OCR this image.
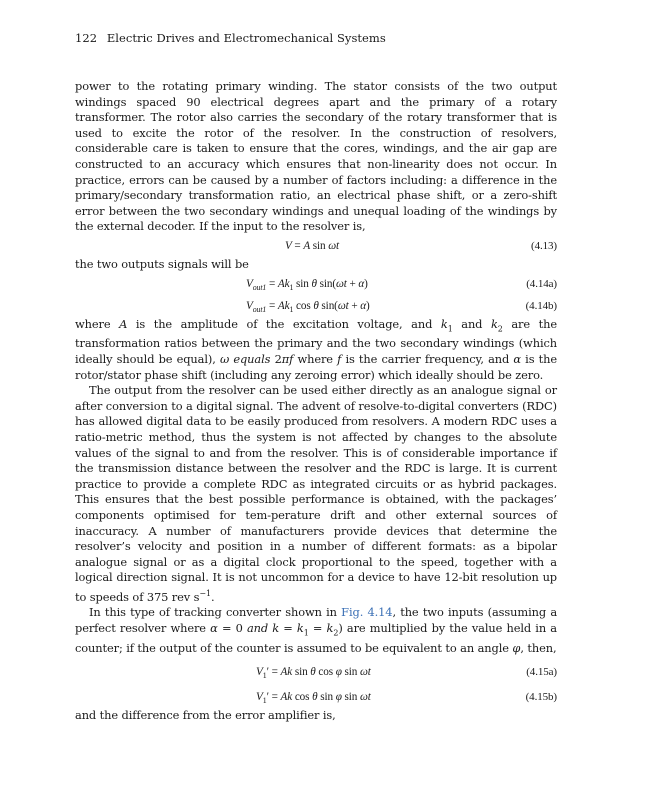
122 Electric Drives and Electromechanical Systems

power to the rotating primary winding. The stator consists of the two output windings spaced 90 electrical degrees apart and the primary of a rotary transformer. The rotor also carries the secondary of the rotary transformer that is used to excite the rotor of the resolver. In the construction of resolvers, considerable care is taken to ensure that the cores, windings, and the air gap are constructed to an accuracy which ensures that non-linearity does not occur. In practice, errors can be caused by a number of factors including: a difference in the primary/secondary transformation ratio, an electrical phase shift, or a zero-shift error between the two secondary windings and unequal loading of the windings by the external decoder. If the input to the resolver is,

V = A sin ωt	(4.13)

the two outputs signals will be

$V_{out1} = Ak_1$ sin θ sin(ωt + α)	(4.14a)
$V_{out1} = Ak_1$ cos θ sin(ωt + α)	(4.14b)

where A is the amplitude of the excitation voltage, and $k_1$ and $k_2$ are the transformation ratios between the primary and the two secondary windings (which ideally should be equal), ω equals 2πf where f is the carrier frequency, and α is the rotor/stator phase shift (including any zeroing error) which ideally should be zero.

The output from the resolver can be used either directly as an analogue signal or after conversion to a digital signal. The advent of resolve-to-digital converters (RDC) has allowed digital data to be easily produced from resolvers. A modern RDC uses a ratio-metric method, thus the system is not affected by changes to the absolute values of the signal to and from the resolver. This is of considerable importance if the transmission distance between the resolver and the RDC is large. It is current practice to provide a complete RDC as integrated circuits or as hybrid packages. This ensures that the best possible performance is obtained, with the packages’ components optimised for tem-perature drift and other external sources of inaccuracy. A number of manufacturers provide devices that determine the resolver’s velocity and position in a number of different formats: as a bipolar analogue signal or as a digital clock proportional to the speed, together with a logical direction signal. It is not uncommon for a device to have 12-bit resolution up to speeds of 375 rev $s^{-1}$.

In this type of tracking converter shown in Fig. 4.14, the two inputs (assuming a perfect resolver where α = 0 and $k = k_1 = k_2$) are multiplied by the value held in a counter; if the output of the counter is assumed to be equivalent to an angle φ, then,

$V_1' = Ak$ sin θ cos φ sin ωt	(4.15a)
$V_1' = Ak$ cos θ sin φ sin ωt	(4.15b)

and the difference from the error amplifier is,
